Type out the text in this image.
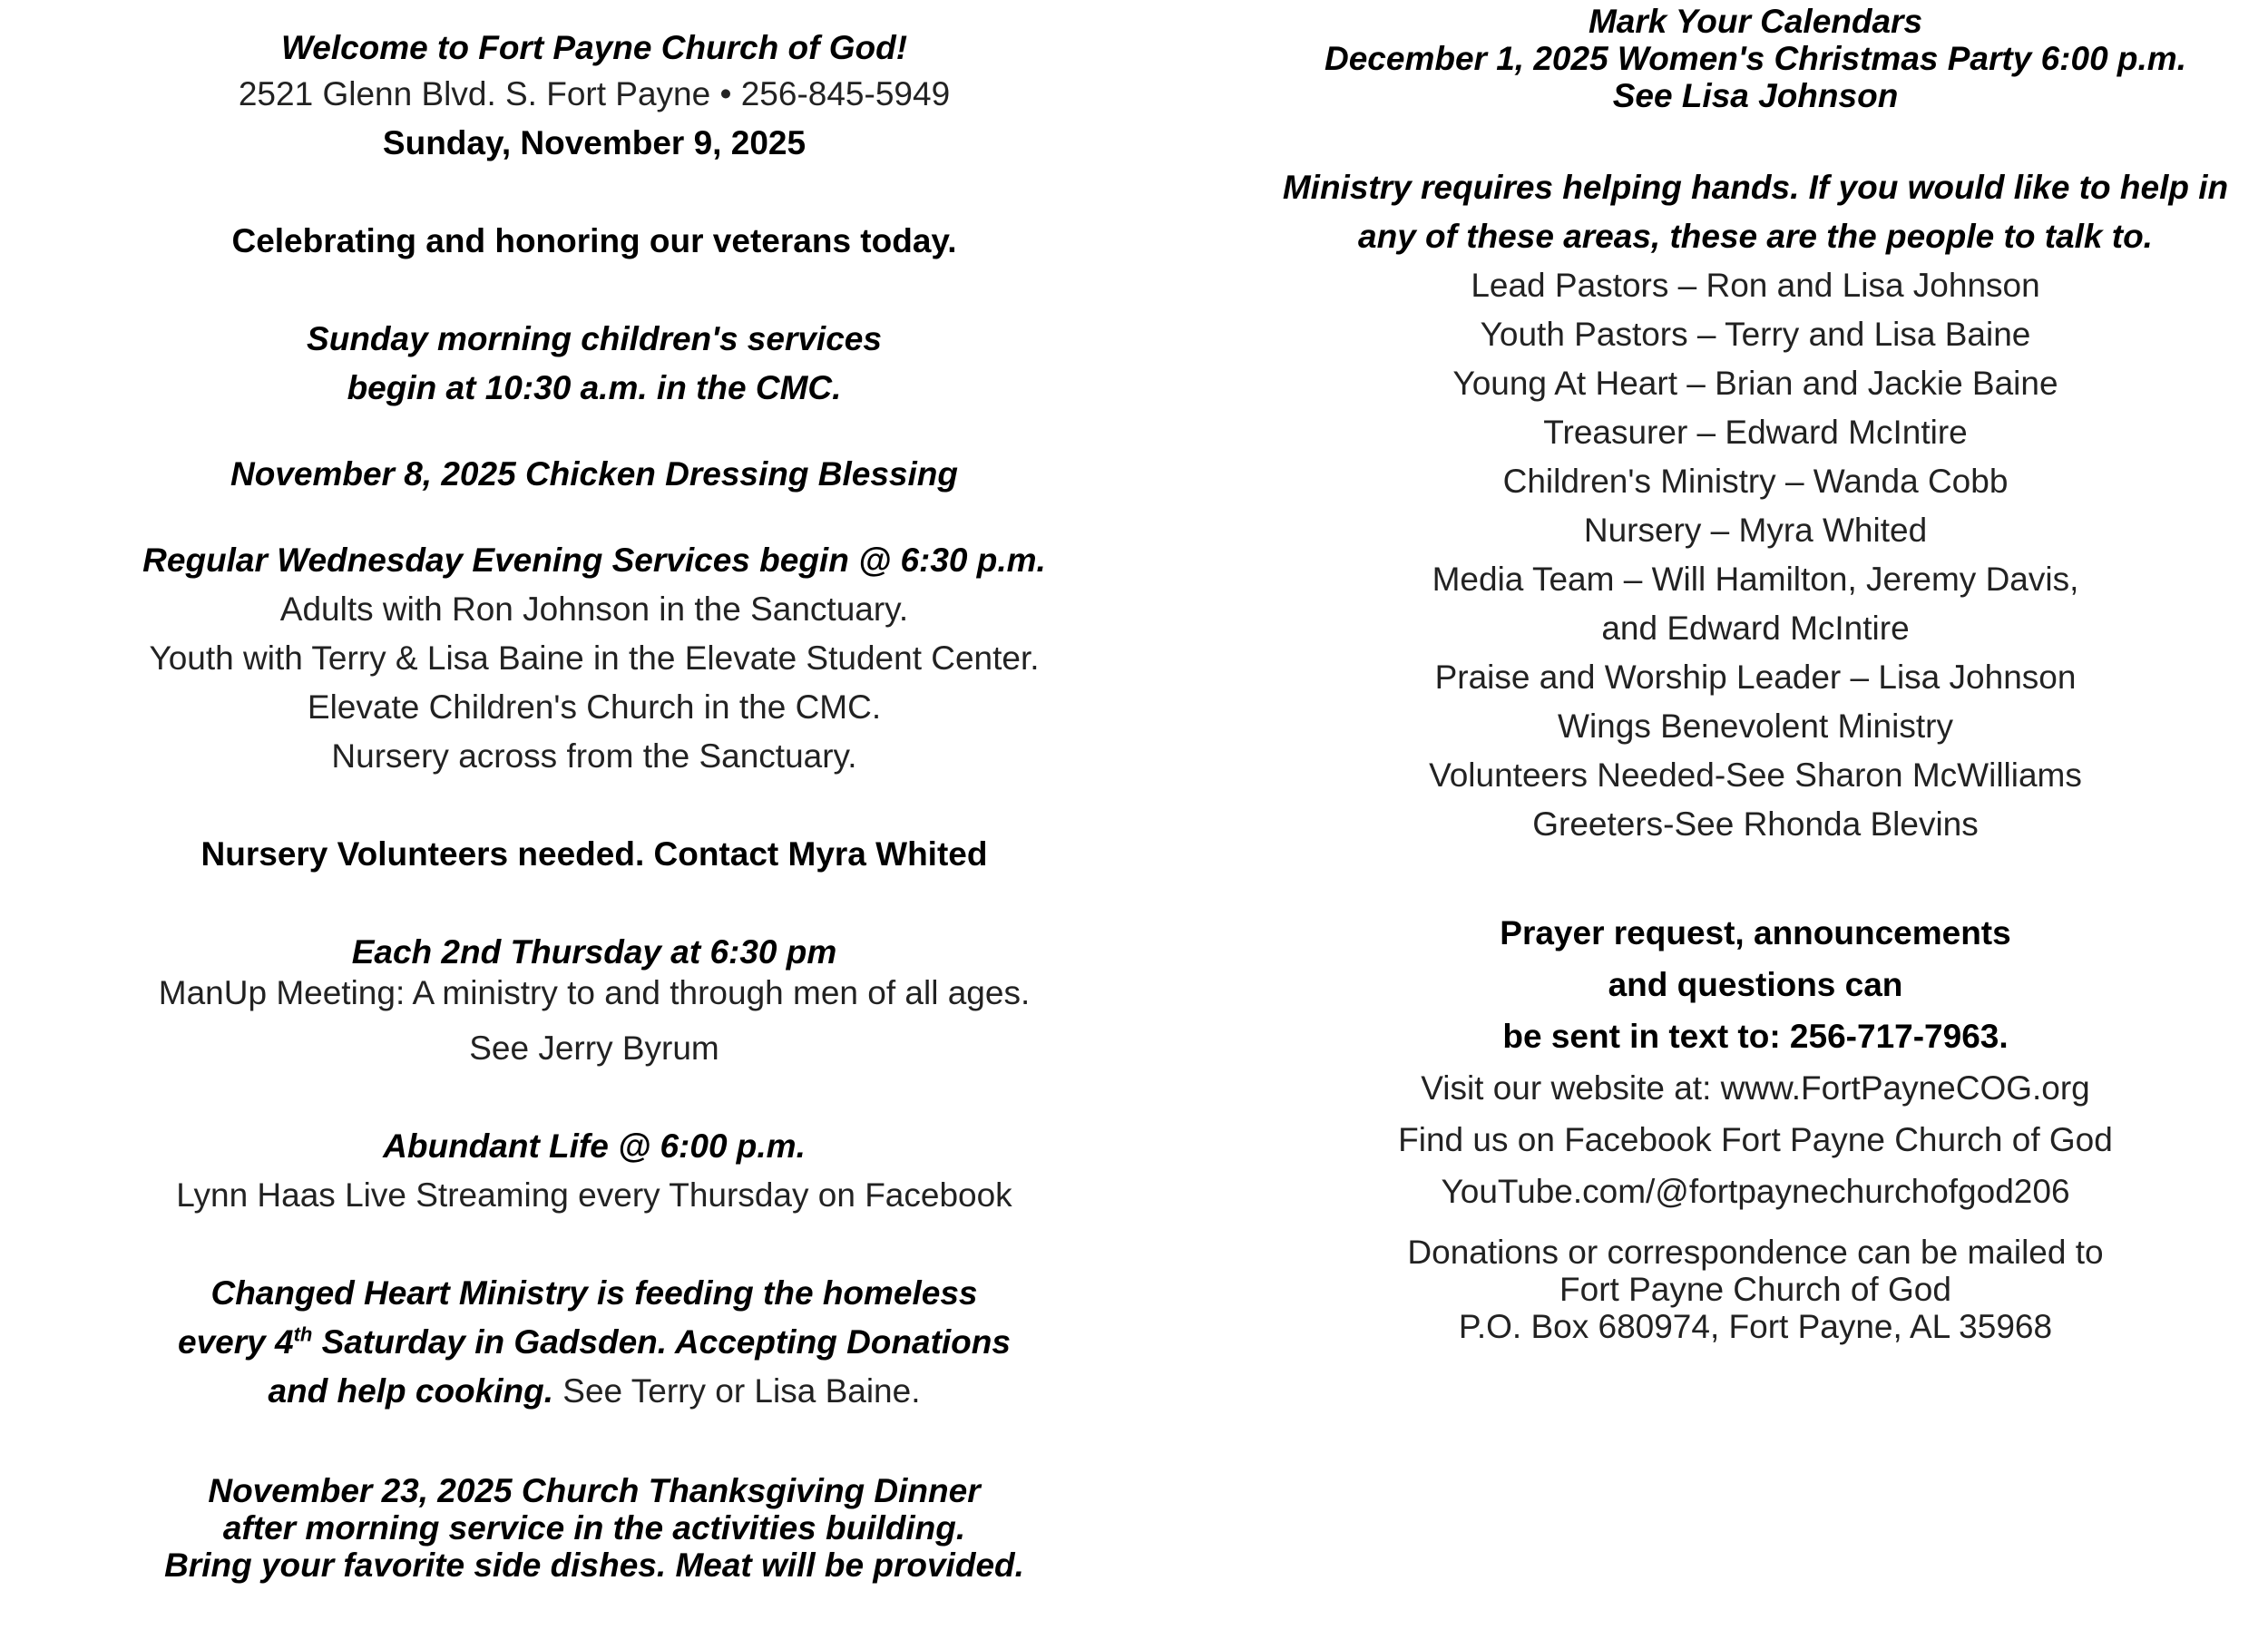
Welcome to Fort Payne Church of God!
2521 Glenn Blvd. S. Fort Payne • 256-845-5949
Sunday, November 9, 2025
Celebrating and honoring our veterans today.
Sunday morning children's services
begin at 10:30 a.m. in the CMC.
November 8, 2025 Chicken Dressing Blessing
Regular Wednesday Evening Services begin @ 6:30 p.m.
Adults with Ron Johnson in the Sanctuary.
Youth with Terry & Lisa Baine in the Elevate Student Center.
Elevate Children's Church in the CMC.
Nursery across from the Sanctuary.
Nursery Volunteers needed. Contact Myra Whited
Each 2nd Thursday at 6:30 pm
ManUp Meeting: A ministry to and through men of all ages.
See Jerry Byrum
Abundant Life @ 6:00 p.m.
Lynn Haas Live Streaming every Thursday on Facebook
Changed Heart Ministry is feeding the homeless
every 4th Saturday in Gadsden. Accepting Donations
and help cooking. See Terry or Lisa Baine.
November 23, 2025 Church Thanksgiving Dinner
after morning service in the activities building.
Bring your favorite side dishes. Meat will be provided.
Mark Your Calendars
December 1, 2025 Women's Christmas Party 6:00 p.m.
See Lisa Johnson
Ministry requires helping hands. If you would like to help in
any of these areas, these are the people to talk to.
Lead Pastors – Ron and Lisa Johnson
Youth Pastors – Terry and Lisa Baine
Young At Heart – Brian and Jackie Baine
Treasurer – Edward McIntire
Children's Ministry – Wanda Cobb
Nursery – Myra Whited
Media Team – Will Hamilton, Jeremy Davis,
and Edward McIntire
Praise and Worship Leader – Lisa Johnson
Wings Benevolent Ministry
Volunteers Needed-See Sharon McWilliams
Greeters-See Rhonda Blevins
Prayer request, announcements
and questions can
be sent in text to: 256-717-7963.
Visit our website at: www.FortPayneCOG.org
Find us on Facebook Fort Payne Church of God
YouTube.com/@fortpaynechurchofgod206
Donations or correspondence can be mailed to
Fort Payne Church of God
P.O. Box 680974, Fort Payne, AL 35968
